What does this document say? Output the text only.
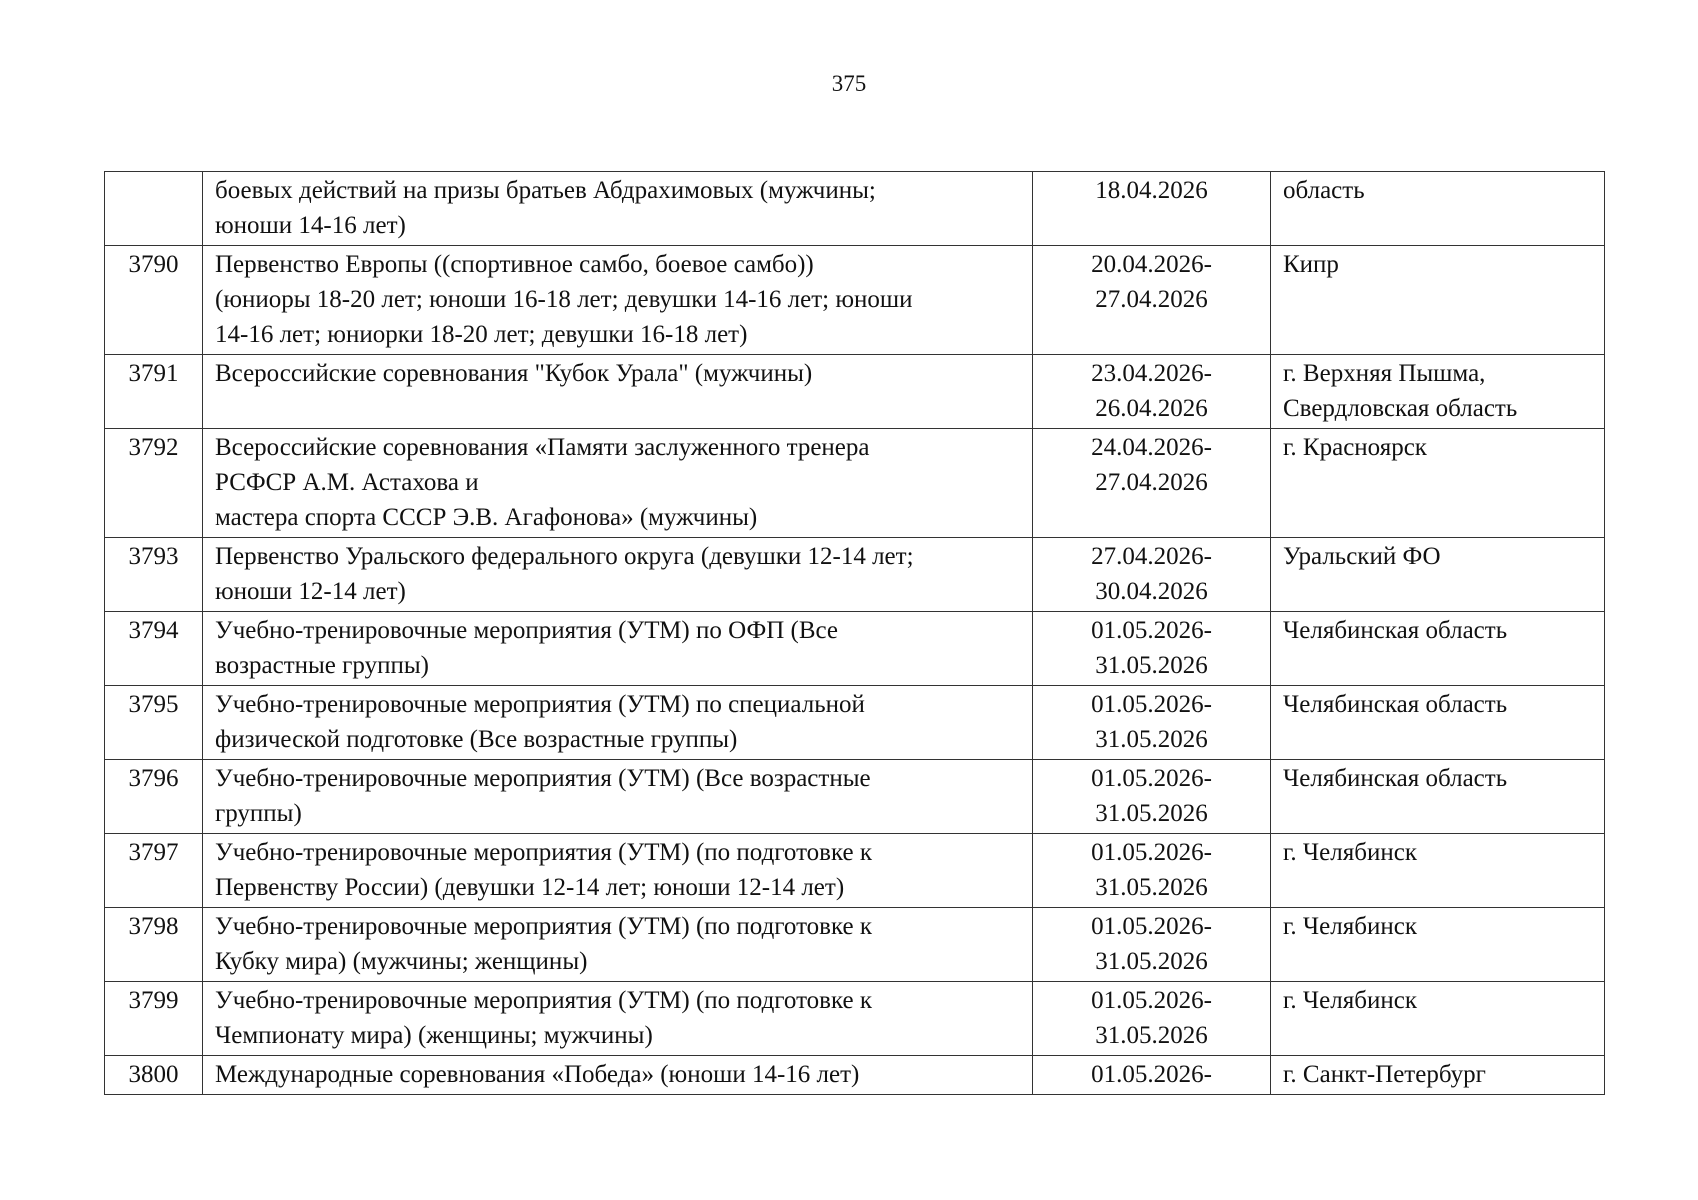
375

	боевых действий на призы братьев Абдрахимовых (мужчины;
юноши 14-16 лет)	18.04.2026	область

3790	Первенство Европы ((спортивное самбо, боевое самбо))
(юниоры 18-20 лет; юноши 16-18 лет; девушки 14-16 лет; юноши
14-16 лет; юниорки 18-20 лет; девушки 16-18 лет)	20.04.2026-
27.04.2026	Кипр

3791	Всероссийские соревнования "Кубок Урала" (мужчины)	23.04.2026-
26.04.2026	г. Верхняя Пышма,
Свердловская область

3792	Всероссийские соревнования «Памяти заслуженного тренера
РСФСР А.М. Астахова и
мастера спорта СССР Э.В. Агафонова» (мужчины)	24.04.2026-
27.04.2026	г. Красноярск

3793	Первенство Уральского федерального округа (девушки 12-14 лет;
юноши 12-14 лет)	27.04.2026-
30.04.2026	Уральский ФО

3794	Учебно-тренировочные мероприятия (УТМ) по ОФП (Все
возрастные группы)	01.05.2026-
31.05.2026	Челябинская область

3795	Учебно-тренировочные мероприятия (УТМ) по специальной
физической подготовке (Все возрастные группы)	01.05.2026-
31.05.2026	Челябинская область

3796	Учебно-тренировочные мероприятия (УТМ) (Все возрастные
группы)	01.05.2026-
31.05.2026	Челябинская область

3797	Учебно-тренировочные мероприятия (УТМ) (по подготовке к
Первенству России) (девушки 12-14 лет; юноши 12-14 лет)	01.05.2026-
31.05.2026	г. Челябинск

3798	Учебно-тренировочные мероприятия (УТМ) (по подготовке к
Кубку мира) (мужчины; женщины)	01.05.2026-
31.05.2026	г. Челябинск

3799	Учебно-тренировочные мероприятия (УТМ) (по подготовке к
Чемпионату мира) (женщины; мужчины)	01.05.2026-
31.05.2026	г. Челябинск

3800	Международные соревнования «Победа» (юноши 14-16 лет)	01.05.2026-	г. Санкт-Петербург
